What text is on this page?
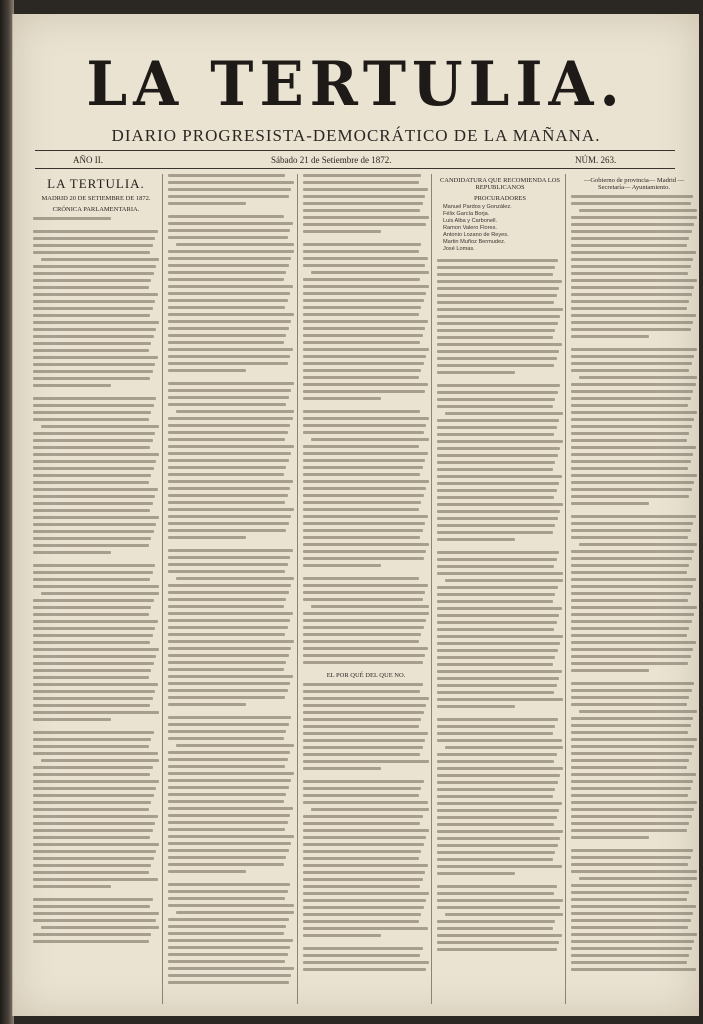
LA TERTULIA.
DIARIO PROGRESISTA-DEMOCRÁTICO DE LA MAÑANA.
AÑO II.	Sábado 21 de Setiembre de 1872.	NÚM. 263.
LA TERTULIA.
MADRID 20 DE SETIEMBRE DE 1872.
CRÓNICA PARLAMENTARIA.
EL POR QUÉ DEL QUE NO.
CANDIDATURA QUE RECOMIENDA LOS REPUBLICANOS
PROCURADORES
Manuel Pardos y González.
Félix García Borja.
Luis Alba y Carbonell.
Ramon Valero Flores.
Antonio Lozano de Reyes.
Martin Muñoz Bermudez.
José Lomas.
—Gobierno de provincia— Madrid — Secretaría— Ayuntamiento.
